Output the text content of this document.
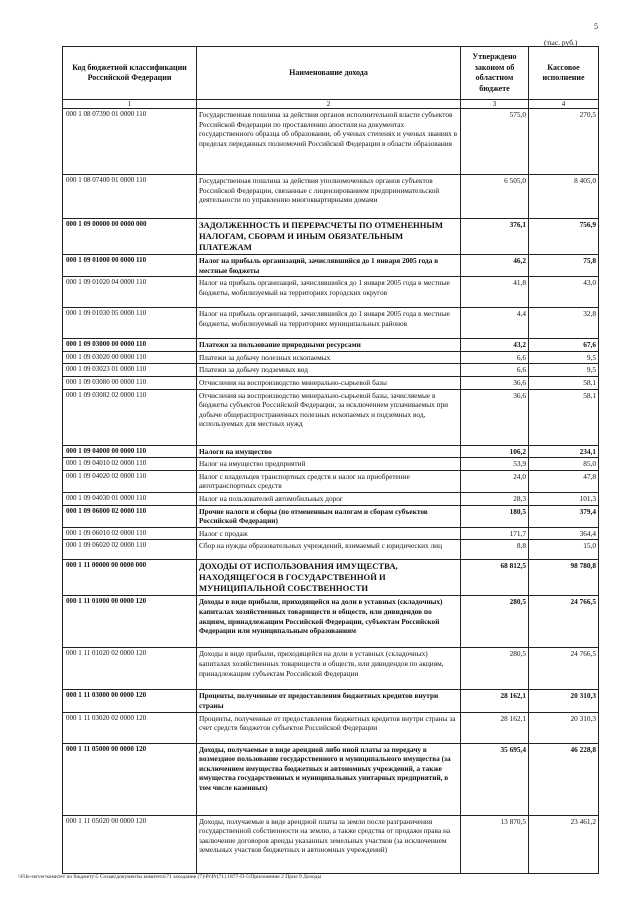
5
(тыс. руб.)
Код бюджетной классификации Российской Федерации	Наименование дохода	Утверждено законом об областном бюджете	Кассовое исполнение
1	2	3	4
000 1 08 07390 01 0000 110	Государственная пошлина за действия органов исполнительной власти субъектов Российской Федерации по проставлению апостиля на документах государственного образца об образовании, об ученых степенях и ученых званиях в пределах переданных полномочий Российской Федерации в области образования	575,0	270,5
000 1 08 07400 01 0000 110	Государственная пошлина за действия уполномоченных органов субъектов Российской Федерации, связанные с лицензированием предпринимательской деятельности по управлению многоквартирными домами	6 505,0	8 405,0
000 1 09 00000 00 0000 000	ЗАДОЛЖЕННОСТЬ И ПЕРЕРАСЧЕТЫ ПО ОТМЕНЕННЫМ НАЛОГАМ, СБОРАМ И ИНЫМ ОБЯЗАТЕЛЬНЫМ ПЛАТЕЖАМ	376,1	756,9
000 1 09 01000 00 0000 110	Налог на прибыль организаций, зачислявшийся до 1 января 2005 года в местные бюджеты	46,2	75,8
000 1 09 01020 04 0000 110	Налог на прибыль организаций, зачислявшийся до 1 января 2005 года в местные бюджеты, мобилизуемый на территориях городских округов	41,8	43,0
000 1 09 01030 05 0000 110	Налог на прибыль организаций, зачислявшийся до 1 января 2005 года в местные бюджеты, мобилизуемый на территориях муниципальных районов	4,4	32,8
000 1 09 03000 00 0000 110	Платежи за пользование природными ресурсами	43,2	67,6
000 1 09 03020 00 0000 110	Платежи за добычу полезных ископаемых	6,6	9,5
000 1 09 03023 01 0000 110	Платежи за добычу подземных вод	6,6	9,5
000 1 09 03080 00 0000 110	Отчисления на воспроизводство минерально-сырьевой базы	36,6	58,1
000 1 09 03082 02 0000 110	Отчисления на воспроизводство минерально-сырьевой базы, зачисляемые в бюджеты субъектов Российской Федерации, за исключением уплачиваемых при добыче общераспространенных полезных ископаемых и подземных вод, используемых для местных нужд	36,6	58,1
000 1 09 04000 00 0000 110	Налоги на имущество	106,2	234,1
000 1 09 04010 02 0000 110	Налог на имущество предприятий	53,9	85,0
000 1 09 04020 02 0000 110	Налог с владельцев транспортных средств и налог на приобретение автотранспортных средств	24,0	47,8
000 1 09 04030 01 0000 110	Налог на пользователей автомобильных дорог	28,3	101,3
000 1 09 06000 02 0000 110	Прочие налоги и сборы (по отмененным налогам и сборам субъектов Российской Федерации)	180,5	379,4
000 1 09 06010 02 0000 110	Налог с продаж	171,7	364,4
000 1 09 06020 02 0000 110	Сбор на нужды образовательных учреждений, взимаемый с юридических лиц	8,8	15,0
000 1 11 00000 00 0000 000	ДОХОДЫ ОТ ИСПОЛЬЗОВАНИЯ ИМУЩЕСТВА, НАХОДЯЩЕГОСЯ В ГОСУДАРСТВЕННОЙ И МУНИЦИПАЛЬНОЙ СОБСТВЕННОСТИ	68 812,5	98 780,8
000 1 11 01000 00 0000 120	Доходы в виде прибыли, приходящейся на доли в уставных (складочных) капиталах хозяйственных товариществ и обществ, или дивидендов по акциям, принадлежащим Российской Федерации, субъектам Российской Федерации или муниципальным образованиям	280,5	24 766,5
000 1 11 01020 02 0000 120	Доходы в виде прибыли, приходящейся на доли в уставных (складочных) капиталах хозяйственных товариществ и обществ, или дивидендов по акциям, принадлежащим субъектам Российской Федерации	280,5	24 766,5
000 1 11 03000 00 0000 120	Проценты, полученные от предоставления бюджетных кредитов внутри страны	28 162,1	20 310,3
000 1 11 03020 02 0000 120	Проценты, полученные от предоставления бюджетных кредитов внутри страны за счет средств бюджетов субъектов Российской Федерации	28 162,1	20 310,3
000 1 11 05000 00 0000 120	Доходы, получаемые в виде арендной либо иной платы за передачу в возмездное пользование государственного и муниципального имущества (за исключением имущества бюджетных и автономных учреждений, а также имущества государственных и муниципальных унитарных предприятий, в том числе казенных)	35 695,4	46 228,8
000 1 11 05020 00 0000 120	Доходы, получаемые в виде арендной платы за земли после разграничения государственной собственности на землю, а также средства от продажи права на заключение договоров аренды указанных земельных участков (за исключением земельных участков бюджетных и автономных учреждений)	13 870,5	23 461,2
\\File-server\комитет по бюджету\5 Созыв\документы комитета\71 заседание (7)\Pr\Pr(71) 1877-П-5\Приложение 2 Прил 9 Доходы
